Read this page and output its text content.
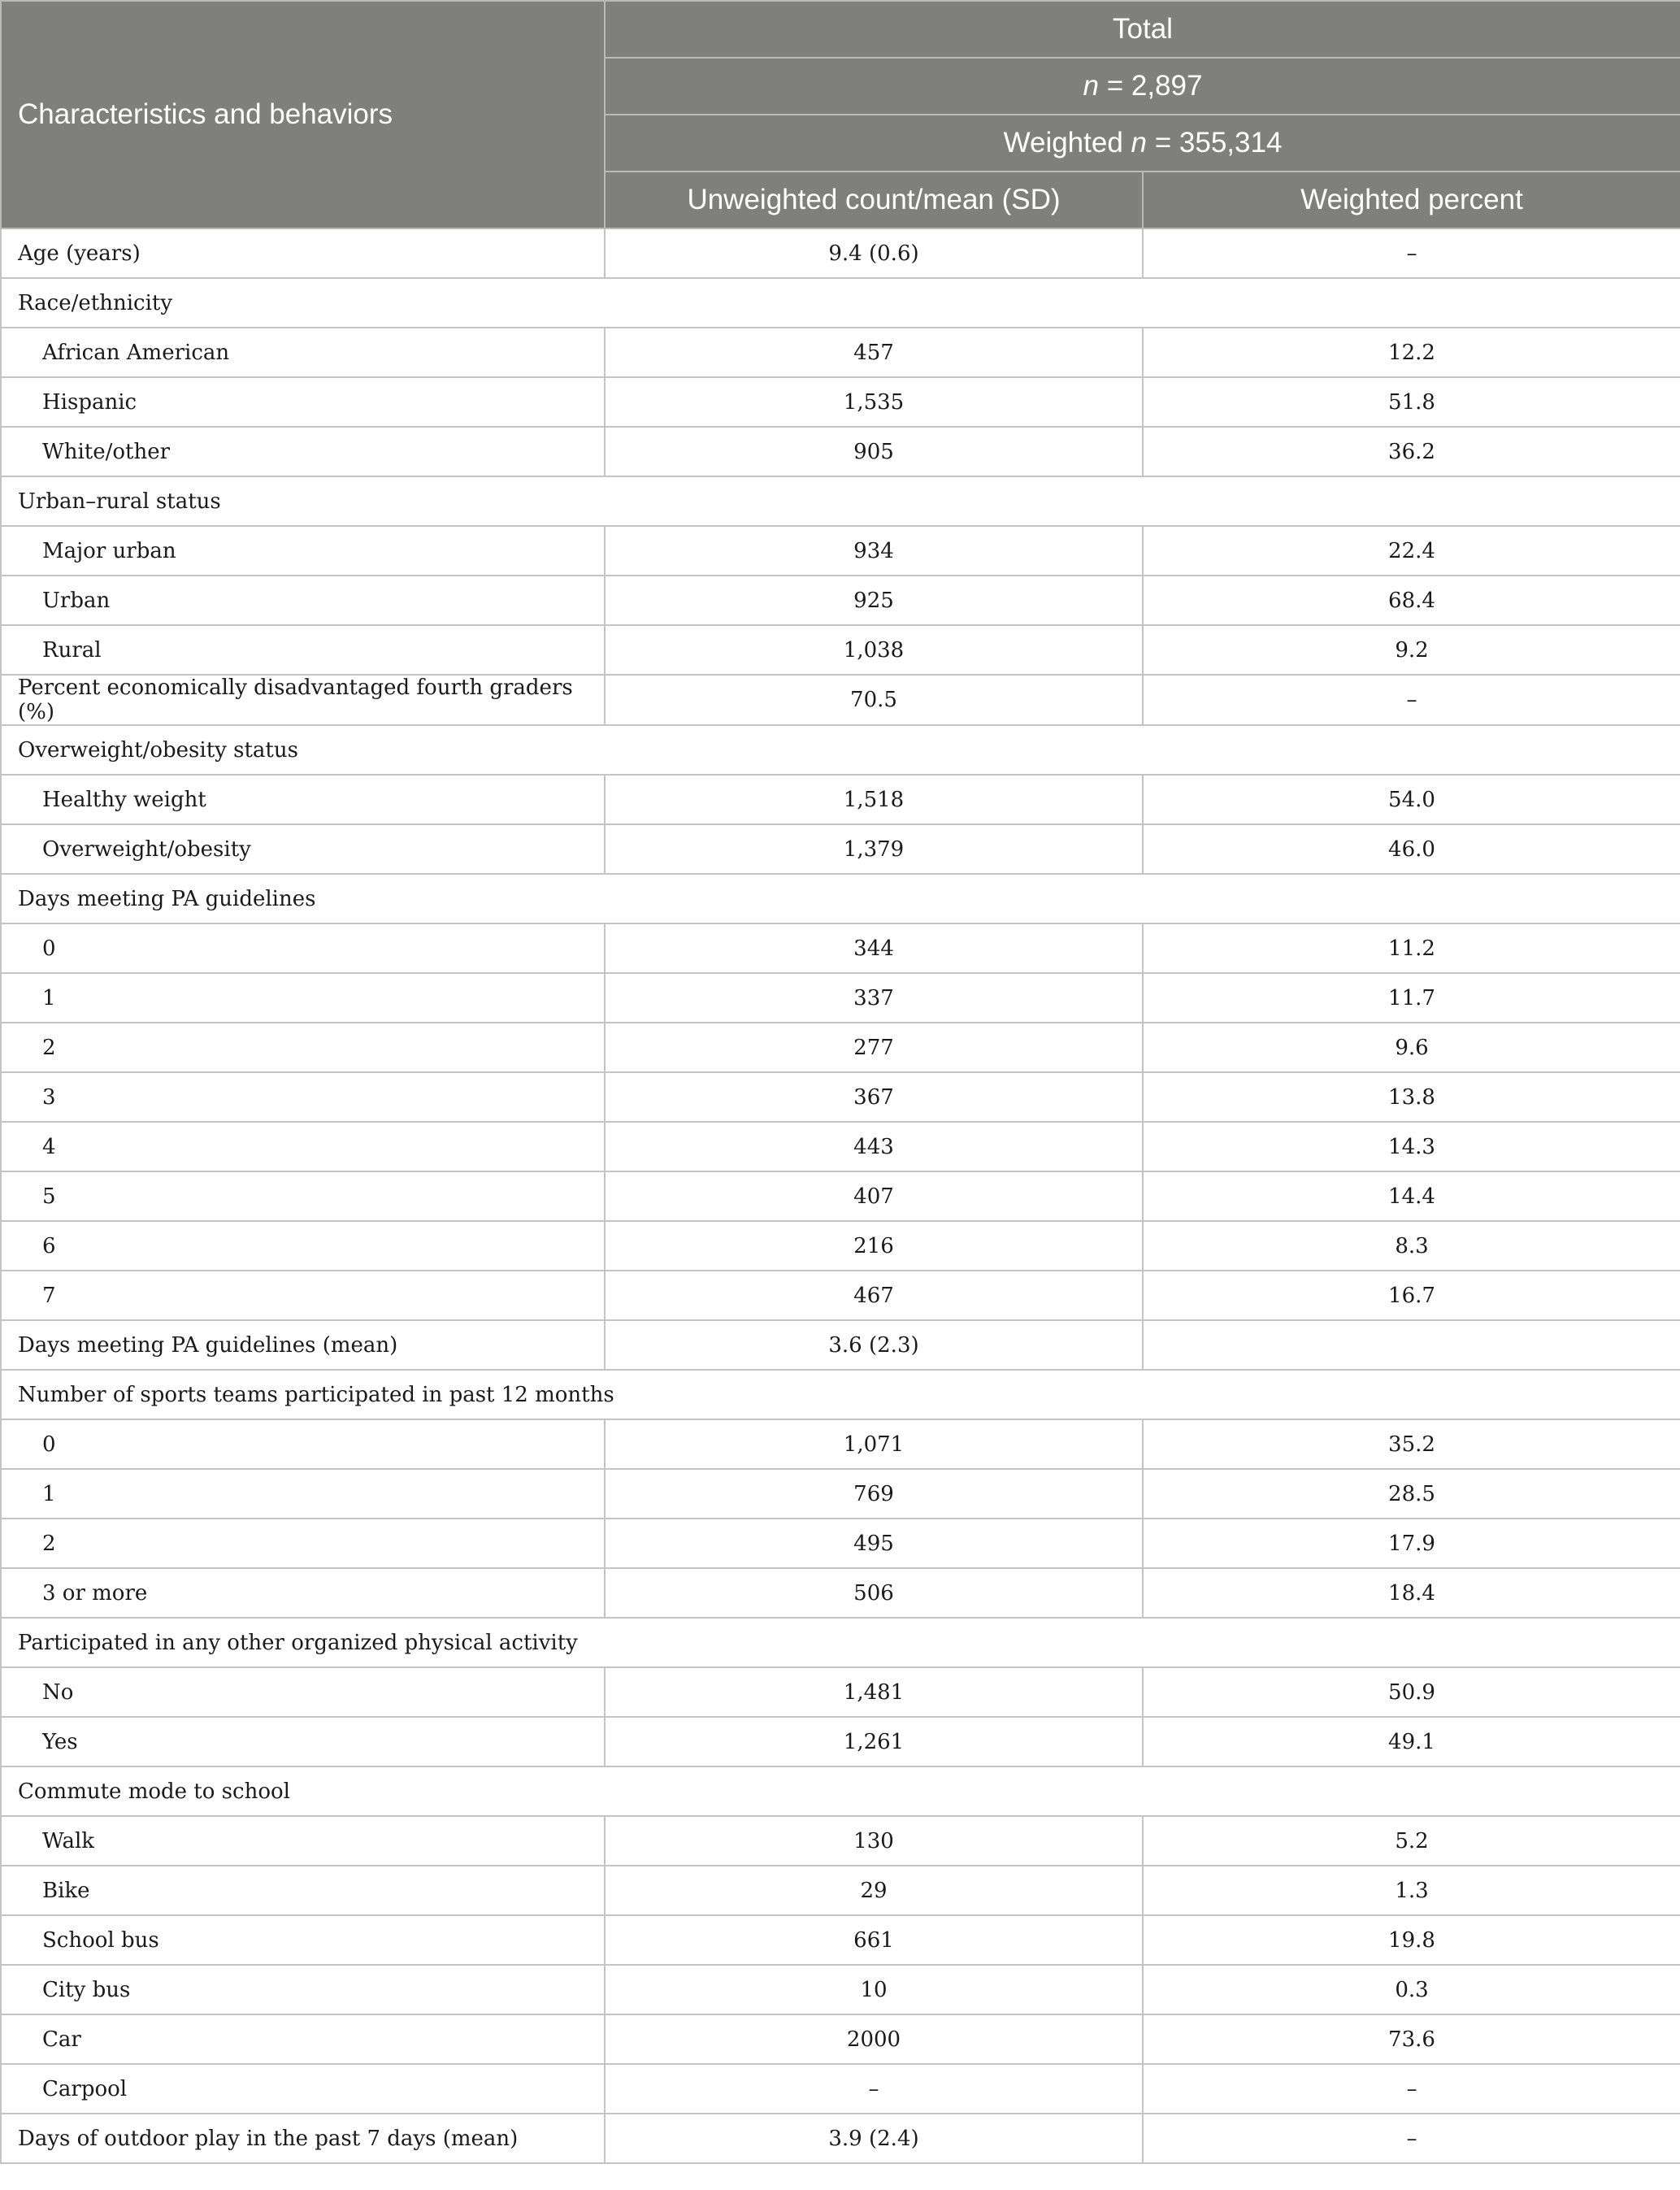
Characteristics and behaviors	Total	
	n = 2,897	
	Weighted n = 355,314	
	Unweighted count/mean (SD)	Weighted percent
Age (years)	9.4 (0.6)	–
Race/ethnicity		
African American	457	12.2
Hispanic	1,535	51.8
White/other	905	36.2
Urban–rural status		
Major urban	934	22.4
Urban	925	68.4
Rural	1,038	9.2
Percent economically disadvantaged fourth graders (%)	70.5	–
Overweight/obesity status		
Healthy weight	1,518	54.0
Overweight/obesity	1,379	46.0
Days meeting PA guidelines		
0	344	11.2
1	337	11.7
2	277	9.6
3	367	13.8
4	443	14.3
5	407	14.4
6	216	8.3
7	467	16.7
Days meeting PA guidelines (mean)	3.6 (2.3)	
Number of sports teams participated in past 12 months		
0	1,071	35.2
1	769	28.5
2	495	17.9
3 or more	506	18.4
Participated in any other organized physical activity		
No	1,481	50.9
Yes	1,261	49.1
Commute mode to school		
Walk	130	5.2
Bike	29	1.3
School bus	661	19.8
City bus	10	0.3
Car	2000	73.6
Carpool	–	–
Days of outdoor play in the past 7 days (mean)	3.9 (2.4)	–
